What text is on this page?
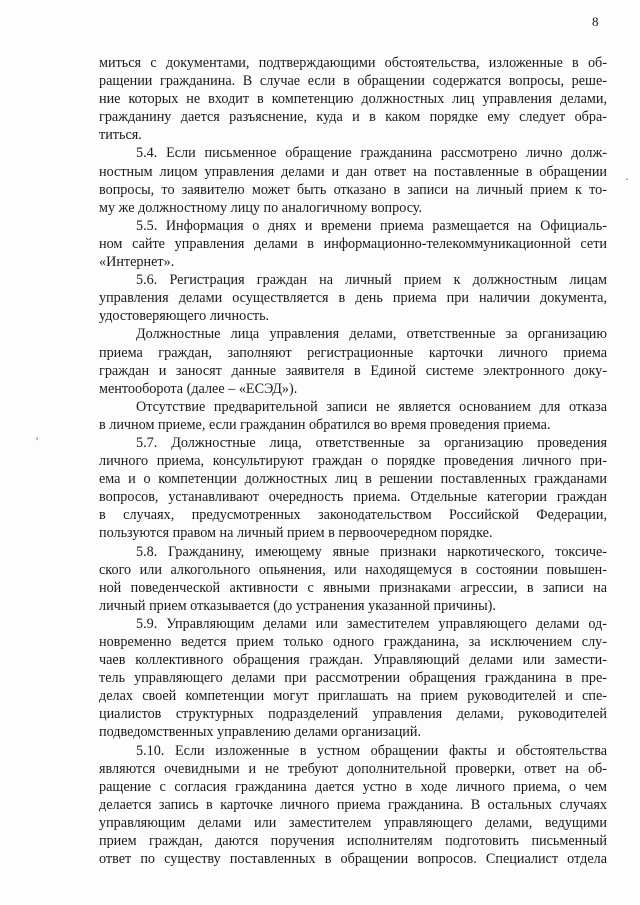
8
·
'
миться с документами, подтверждающими обстоятельства, изложенные в об-
ращении гражданина. В случае если в обращении содержатся вопросы, реше-
ние которых не входит в компетенцию должностных лиц управления делами,
гражданину дается разъяснение, куда и в каком порядке ему следует обра-
титься.
5.4. Если письменное обращение гражданина рассмотрено лично долж-
ностным лицом управления делами и дан ответ на поставленные в обращении
вопросы, то заявителю может быть отказано в записи на личный прием к то-
му же должностному лицу по аналогичному вопросу.
5.5. Информация о днях и времени приема размещается на Официаль-
ном сайте управления делами в информационно-телекоммуникационной сети
«Интернет».
5.6. Регистрация граждан на личный прием к должностным лицам
управления делами осуществляется в день приема при наличии документа,
удостоверяющего личность.
Должностные лица управления делами, ответственные за организацию
приема граждан, заполняют регистрационные карточки личного приема
граждан и заносят данные заявителя в Единой системе электронного доку-
ментооборота (далее – «ЕСЭД»).
Отсутствие предварительной записи не является основанием для отказа
в личном приеме, если гражданин обратился во время проведения приема.
5.7. Должностные лица, ответственные за организацию проведения
личного приема, консультируют граждан о порядке проведения личного при-
ема и о компетенции должностных лиц в решении поставленных гражданами
вопросов, устанавливают очередность приема. Отдельные категории граждан
в случаях, предусмотренных законодательством Российской Федерации,
пользуются правом на личный прием в первоочередном порядке.
5.8. Гражданину, имеющему явные признаки наркотического, токсиче-
ского или алкогольного опьянения, или находящемуся в состоянии повышен-
ной поведенческой активности с явными признаками агрессии, в записи на
личный прием отказывается (до устранения указанной причины).
5.9. Управляющим делами или заместителем управляющего делами од-
новременно ведется прием только одного гражданина, за исключением слу-
чаев коллективного обращения граждан. Управляющий делами или замести-
тель управляющего делами при рассмотрении обращения гражданина в пре-
делах своей компетенции могут приглашать на прием руководителей и спе-
циалистов структурных подразделений управления делами, руководителей
подведомственных управлению делами организаций.
5.10. Если изложенные в устном обращении факты и обстоятельства
являются очевидными и не требуют дополнительной проверки, ответ на об-
ращение с согласия гражданина дается устно в ходе личного приема, о чем
делается запись в карточке личного приема гражданина. В остальных случаях
управляющим делами или заместителем управляющего делами, ведущими
прием граждан, даются поручения исполнителям подготовить письменный
ответ по существу поставленных в обращении вопросов. Специалист отдела
